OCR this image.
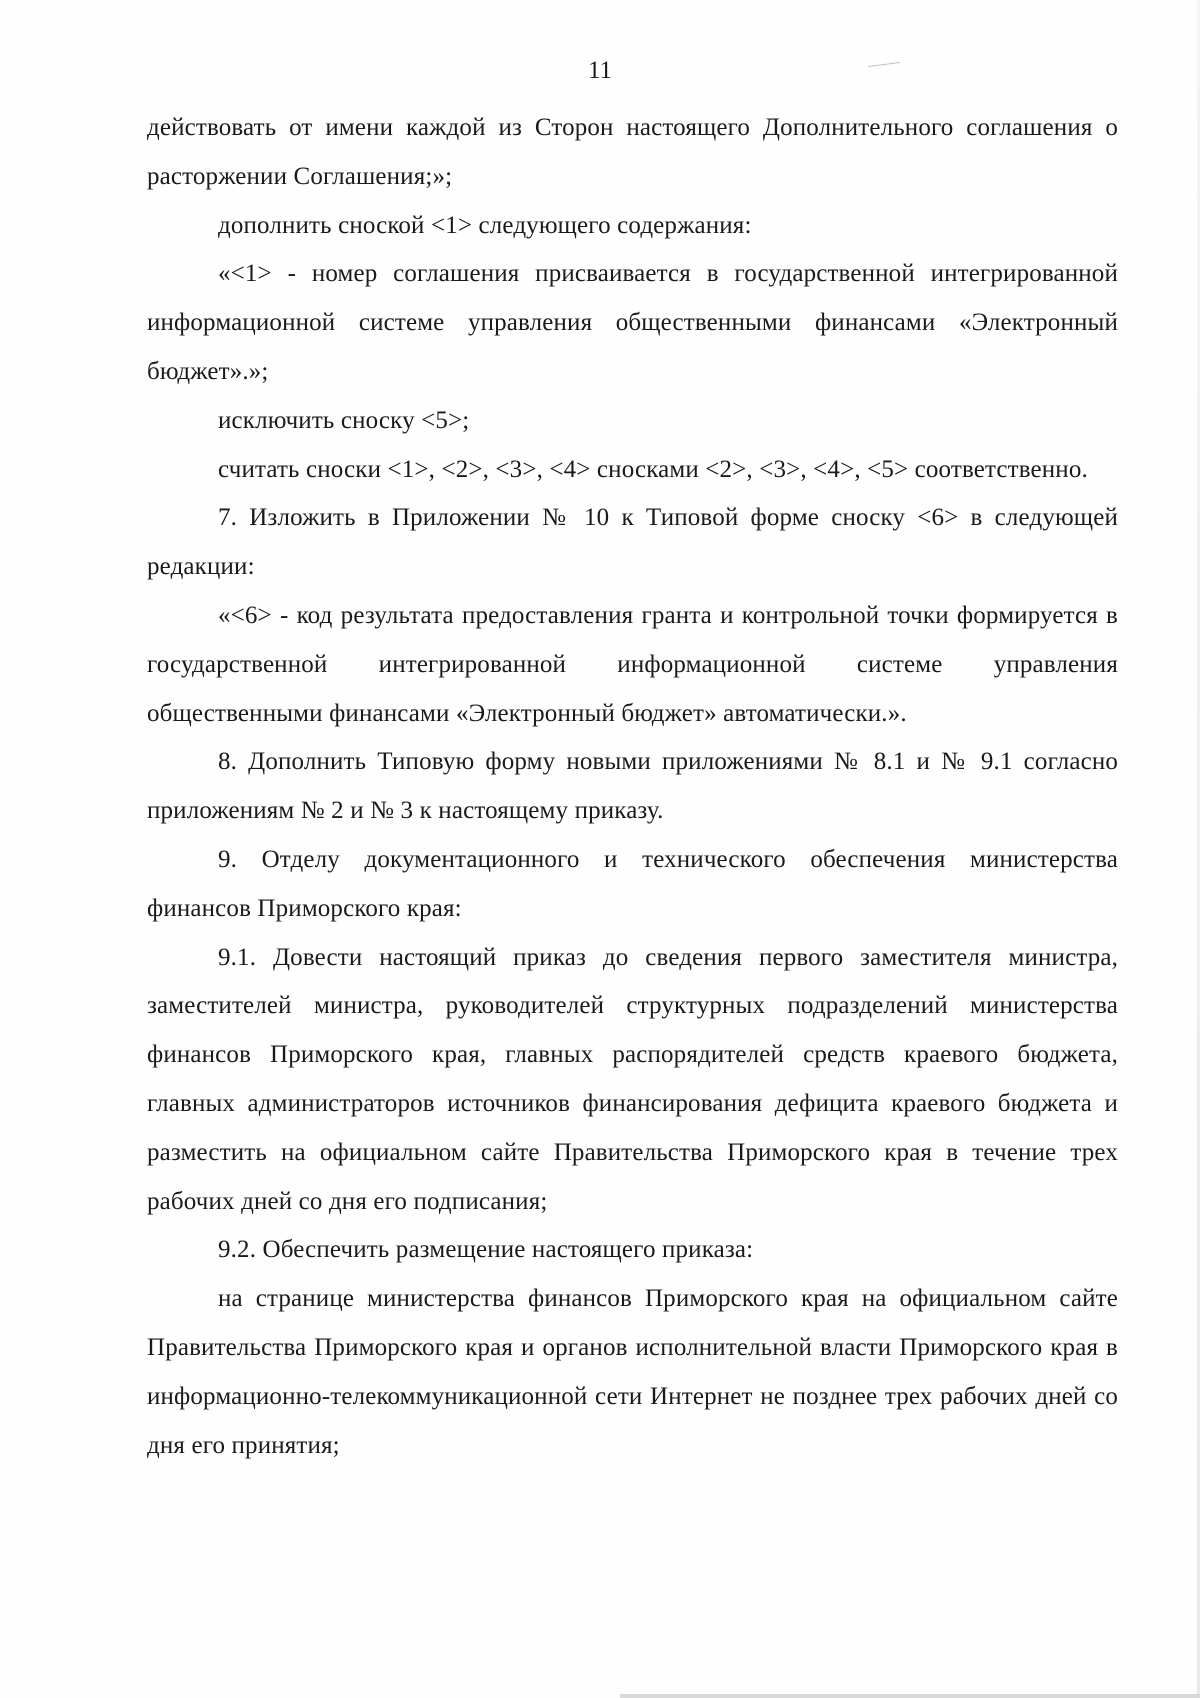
11

действовать от имени каждой из Сторон настоящего Дополнительного соглашения о расторжении Соглашения;»;

дополнить сноской <1> следующего содержания:

«<1> - номер соглашения присваивается в государственной интегрированной информационной системе управления общественными финансами «Электронный бюджет».»;

исключить сноску <5>;

считать сноски <1>, <2>, <3>, <4> сносками <2>, <3>, <4>, <5> соответственно.

7. Изложить в Приложении № 10 к Типовой форме сноску <6> в следующей редакции:

«<6> - код результата предоставления гранта и контрольной точки формируется в государственной интегрированной информационной системе управления общественными финансами «Электронный бюджет» автоматически.».

8. Дополнить Типовую форму новыми приложениями № 8.1 и № 9.1 согласно приложениям № 2 и № 3 к настоящему приказу.

9. Отделу документационного и технического обеспечения министерства финансов Приморского края:

9.1. Довести настоящий приказ до сведения первого заместителя министра, заместителей министра, руководителей структурных подразделений министерства финансов Приморского края, главных распорядителей средств краевого бюджета, главных администраторов источников финансирования дефицита краевого бюджета и разместить на официальном сайте Правительства Приморского края в течение трех рабочих дней со дня его подписания;

9.2. Обеспечить размещение настоящего приказа:

на странице министерства финансов Приморского края на официальном сайте Правительства Приморского края и органов исполнительной власти Приморского края в информационно-телекоммуникационной сети Интернет не позднее трех рабочих дней со дня его принятия;
